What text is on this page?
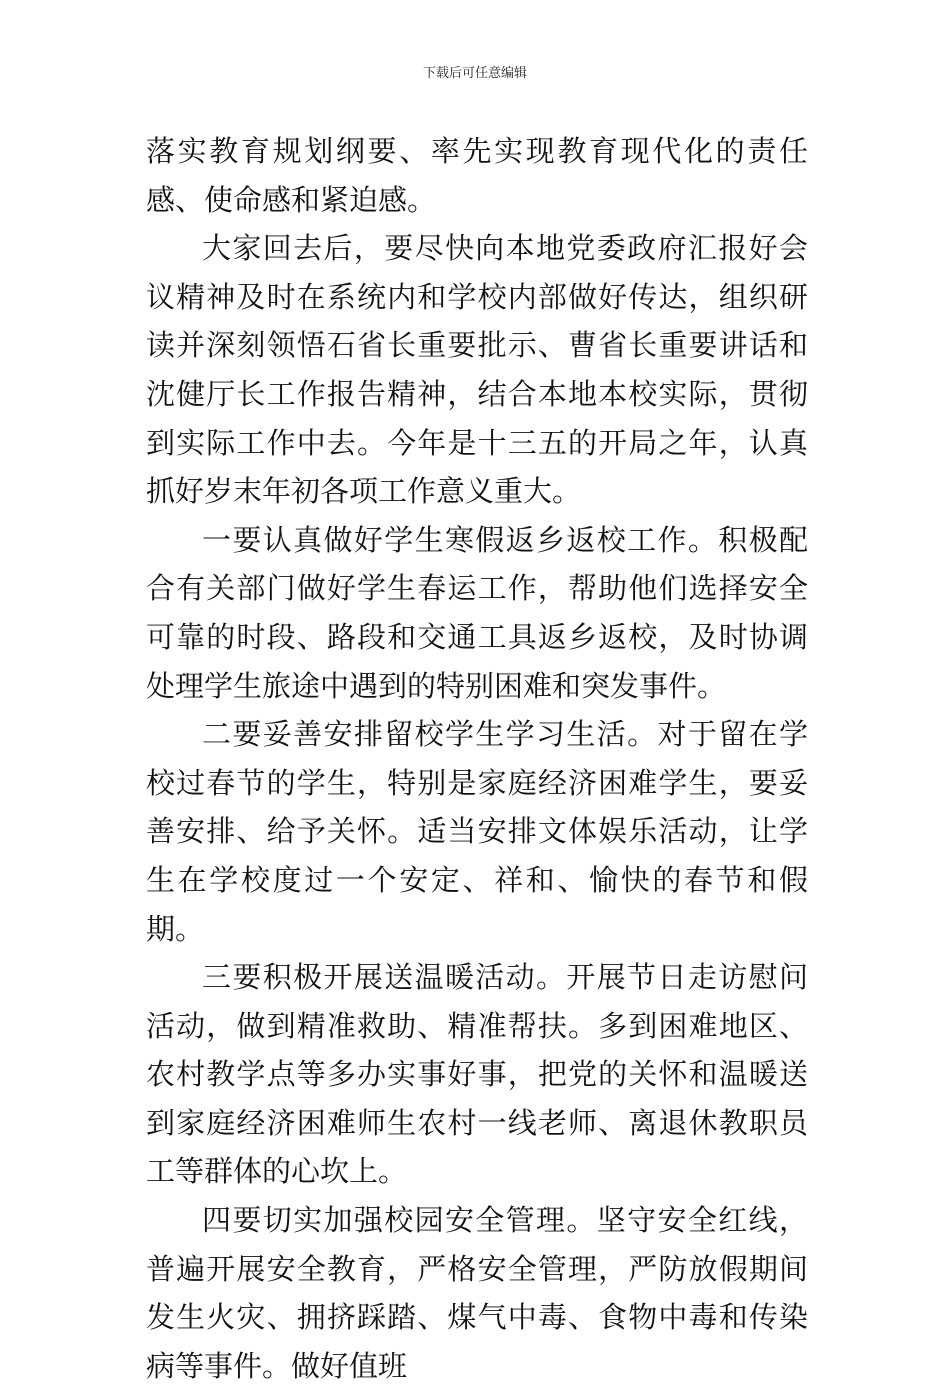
下载后可任意编辑

落实教育规划纲要、率先实现教育现代化的责任感、使命感和紧迫感。

大家回去后，要尽快向本地党委政府汇报好会议精神及时在系统内和学校内部做好传达，组织研读并深刻领悟石省长重要批示、曹省长重要讲话和沈健厅长工作报告精神，结合本地本校实际，贯彻到实际工作中去。今年是十三五的开局之年，认真抓好岁末年初各项工作意义重大。

一要认真做好学生寒假返乡返校工作。积极配合有关部门做好学生春运工作，帮助他们选择安全可靠的时段、路段和交通工具返乡返校，及时协调处理学生旅途中遇到的特别困难和突发事件。

二要妥善安排留校学生学习生活。对于留在学校过春节的学生，特别是家庭经济困难学生，要妥善安排、给予关怀。适当安排文体娱乐活动，让学生在学校度过一个安定、祥和、愉快的春节和假期。

三要积极开展送温暖活动。开展节日走访慰问活动，做到精准救助、精准帮扶。多到困难地区、农村教学点等多办实事好事，把党的关怀和温暖送到家庭经济困难师生农村一线老师、离退休教职员工等群体的心坎上。

四要切实加强校园安全管理。坚守安全红线，普遍开展安全教育，严格安全管理，严防放假期间发生火灾、拥挤踩踏、煤气中毒、食物中毒和传染病等事件。做好值班
